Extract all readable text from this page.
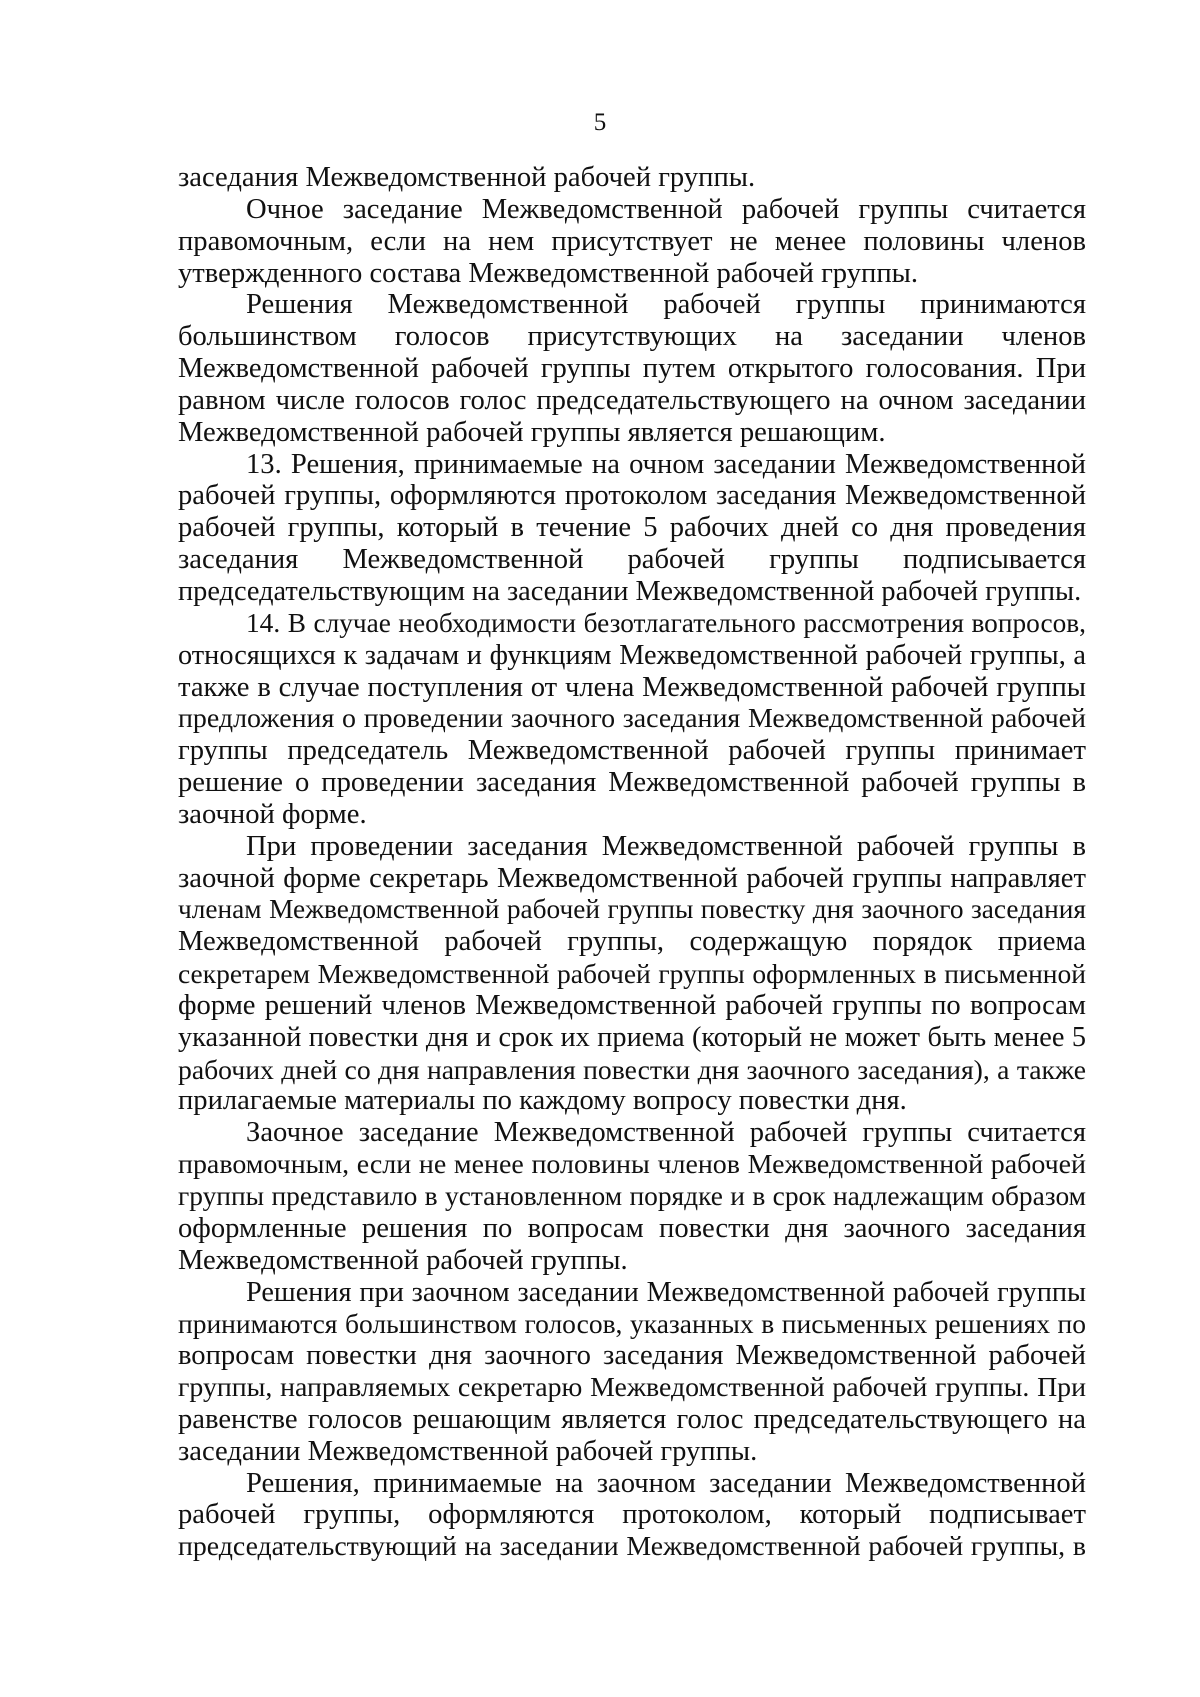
5
заседания Межведомственной рабочей группы.
Очное заседание Межведомственной рабочей группы считается
правомочным, если на нем присутствует не менее половины членов
утвержденного состава Межведомственной рабочей группы.
Решения Межведомственной рабочей группы принимаются
большинством голосов присутствующих на заседании членов
Межведомственной рабочей группы путем открытого голосования. При
равном числе голосов голос председательствующего на очном заседании
Межведомственной рабочей группы является решающим.
13. Решения, принимаемые на очном заседании Межведомственной
рабочей группы, оформляются протоколом заседания Межведомственной
рабочей группы, который в течение 5 рабочих дней со дня проведения
заседания Межведомственной рабочей группы подписывается
председательствующим на заседании Межведомственной рабочей группы.
14. В случае необходимости безотлагательного рассмотрения вопросов,
относящихся к задачам и функциям Межведомственной рабочей группы, а
также в случае поступления от члена Межведомственной рабочей группы
предложения о проведении заочного заседания Межведомственной рабочей
группы председатель Межведомственной рабочей группы принимает
решение о проведении заседания Межведомственной рабочей группы в
заочной форме.
При проведении заседания Межведомственной рабочей группы в
заочной форме секретарь Межведомственной рабочей группы направляет
членам Межведомственной рабочей группы повестку дня заочного заседания
Межведомственной рабочей группы, содержащую порядок приема
секретарем Межведомственной рабочей группы оформленных в письменной
форме решений членов Межведомственной рабочей группы по вопросам
указанной повестки дня и срок их приема (который не может быть менее 5
рабочих дней со дня направления повестки дня заочного заседания), а также
прилагаемые материалы по каждому вопросу повестки дня.
Заочное заседание Межведомственной рабочей группы считается
правомочным, если не менее половины членов Межведомственной рабочей
группы представило в установленном порядке и в срок надлежащим образом
оформленные решения по вопросам повестки дня заочного заседания
Межведомственной рабочей группы.
Решения при заочном заседании Межведомственной рабочей группы
принимаются большинством голосов, указанных в письменных решениях по
вопросам повестки дня заочного заседания Межведомственной рабочей
группы, направляемых секретарю Межведомственной рабочей группы. При
равенстве голосов решающим является голос председательствующего на
заседании Межведомственной рабочей группы.
Решения, принимаемые на заочном заседании Межведомственной
рабочей группы, оформляются протоколом, который подписывает
председательствующий на заседании Межведомственной рабочей группы, в
